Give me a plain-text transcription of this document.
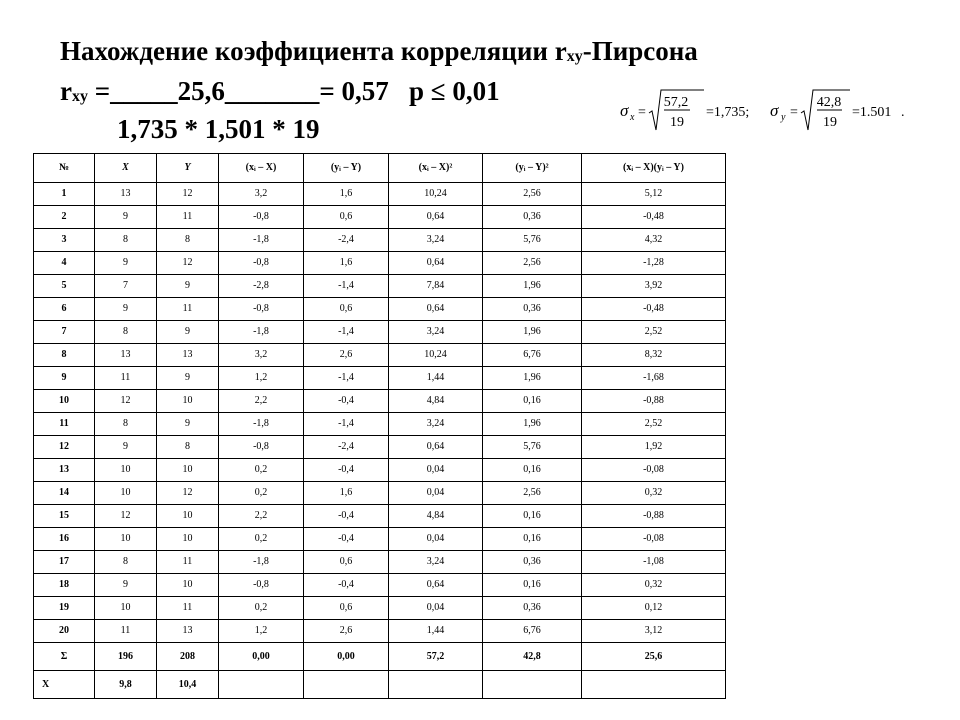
Нахождение коэффициента корреляции rxy-Пирсона
rxy =_____25,6_______= 0,57   p ≤ 0,01
1,735 * 1,501 * 19
σ x =
57,2
19
=1,735; σ y =
42,8
19
=1.501 .
№	X	Y	(xᵢ – X)	(yᵢ – Y)	(xᵢ – X)²	(yᵢ – Y)²	(xᵢ – X)(yᵢ – Y)
1	13	12	3,2	1,6	10,24	2,56	5,12
2	9	11	-0,8	0,6	0,64	0,36	-0,48
3	8	8	-1,8	-2,4	3,24	5,76	4,32
4	9	12	-0,8	1,6	0,64	2,56	-1,28
5	7	9	-2,8	-1,4	7,84	1,96	3,92
6	9	11	-0,8	0,6	0,64	0,36	-0,48
7	8	9	-1,8	-1,4	3,24	1,96	2,52
8	13	13	3,2	2,6	10,24	6,76	8,32
9	11	9	1,2	-1,4	1,44	1,96	-1,68
10	12	10	2,2	-0,4	4,84	0,16	-0,88
11	8	9	-1,8	-1,4	3,24	1,96	2,52
12	9	8	-0,8	-2,4	0,64	5,76	1,92
13	10	10	0,2	-0,4	0,04	0,16	-0,08
14	10	12	0,2	1,6	0,04	2,56	0,32
15	12	10	2,2	-0,4	4,84	0,16	-0,88
16	10	10	0,2	-0,4	0,04	0,16	-0,08
17	8	11	-1,8	0,6	3,24	0,36	-1,08
18	9	10	-0,8	-0,4	0,64	0,16	0,32
19	10	11	0,2	0,6	0,04	0,36	0,12
20	11	13	1,2	2,6	1,44	6,76	3,12
Σ	196	208	0,00	0,00	57,2	42,8	25,6
X	9,8	10,4					
